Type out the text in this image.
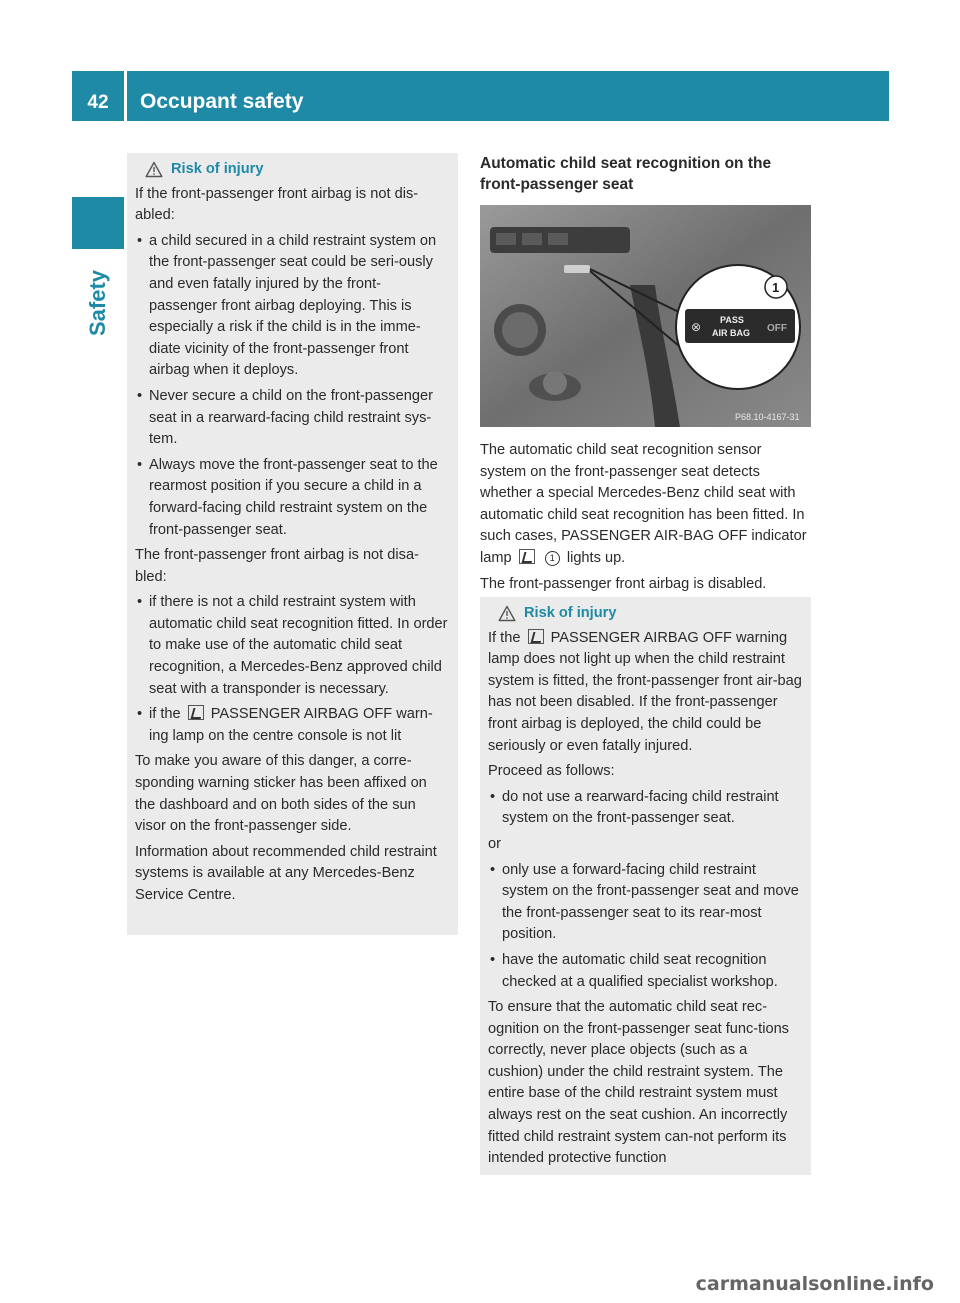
42	Occupant safety
Safety
Risk of injury

If the front-passenger front airbag is not dis-abled:

• a child secured in a child restraint system on the front-passenger seat could be seri-ously and even fatally injured by the front-passenger front airbag deploying. This is especially a risk if the child is in the imme-diate vicinity of the front-passenger front airbag when it deploys.
• Never secure a child on the front-passenger seat in a rearward-facing child restraint sys-tem.
• Always move the front-passenger seat to the rearmost position if you secure a child in a forward-facing child restraint system on the front-passenger seat.

The front-passenger front airbag is not disa-bled:

• if there is not a child restraint system with automatic child seat recognition fitted. In order to make use of the automatic child seat recognition, a Mercedes-Benz approved child seat with a transponder is necessary.
• if the PASSENGER AIRBAG OFF warn-ing lamp on the centre console is not lit

To make you aware of this danger, a corre-sponding warning sticker has been affixed on the dashboard and on both sides of the sun visor on the front-passenger side.

Information about recommended child restraint systems is available at any Mercedes-Benz Service Centre.

Automatic child seat recognition on the front-passenger seat
⊗ PASS
AIR BAG OFF
1
P68.10-4167-31

The automatic child seat recognition sensor system on the front-passenger seat detects whether a special Mercedes-Benz child seat with automatic child seat recognition has been fitted. In such cases, PASSENGER AIR-BAG OFF indicator lamp	1 lights up.

The front-passenger front airbag is disabled.

Risk of injury

If the PASSENGER AIRBAG OFF warning lamp does not light up when the child restraint system is fitted, the front-passenger front air-bag has not been disabled. If the front-passenger front airbag is deployed, the child could be seriously or even fatally injured.

Proceed as follows:

• do not use a rearward-facing child restraint system on the front-passenger seat.

or

• only use a forward-facing child restraint system on the front-passenger seat and move the front-passenger seat to its rear-most position.
• have the automatic child seat recognition checked at a qualified specialist workshop.

To ensure that the automatic child seat rec-ognition on the front-passenger seat func-tions correctly, never place objects (such as a cushion) under the child restraint system. The entire base of the child restraint system must always rest on the seat cushion. An incorrectly fitted child restraint system can-not perform its intended protective function

carmanualsonline.info
